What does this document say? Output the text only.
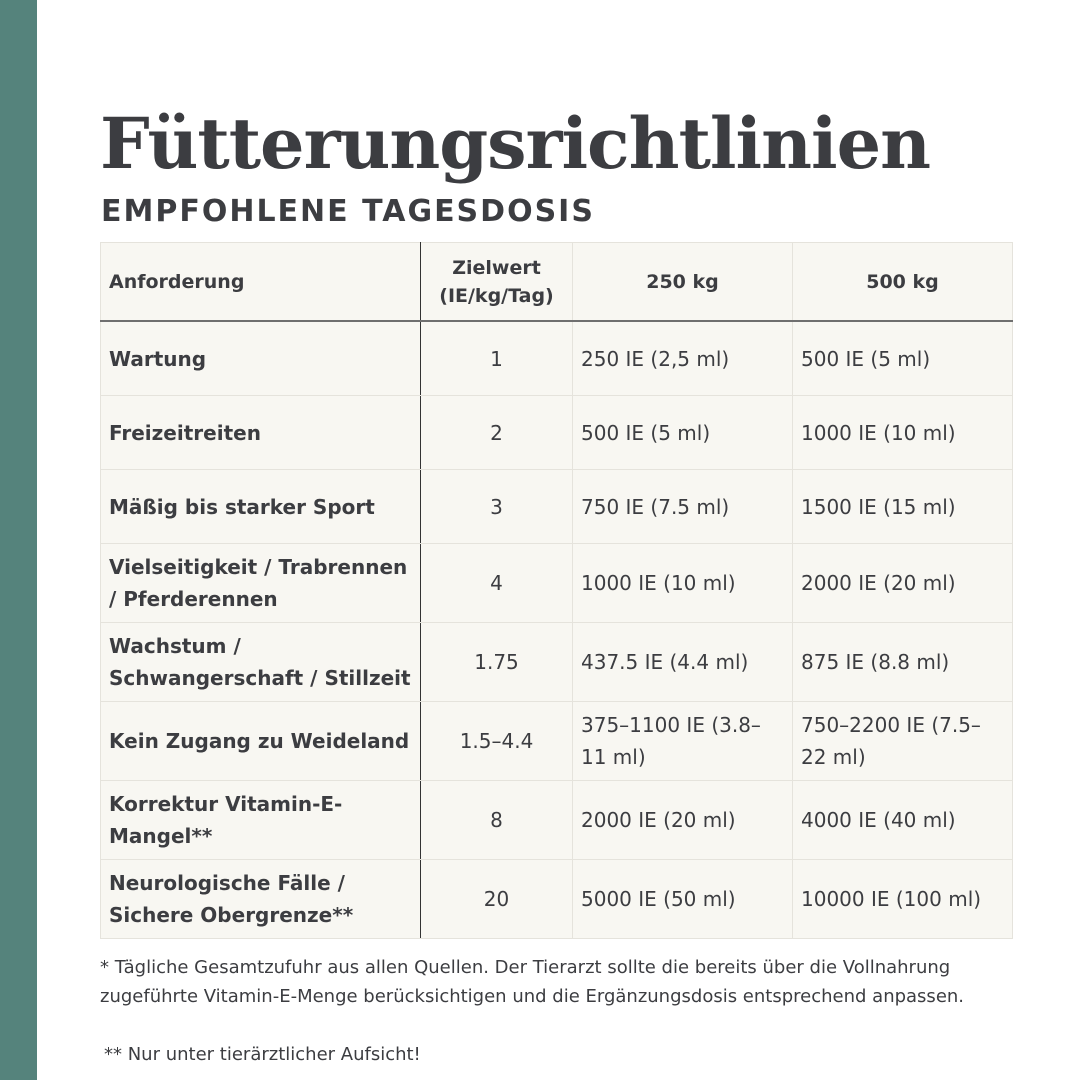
Fütterungsrichtlinien
EMPFOHLENE TAGESDOSIS
Anforderung	Zielwert (IE/kg/Tag)	250 kg	500 kg
Wartung	1	250 IE (2,5 ml)	500 IE (5 ml)
Freizeitreiten	2	500 IE (5 ml)	1000 IE (10 ml)
Mäßig bis starker Sport	3	750 IE (7.5 ml)	1500 IE (15 ml)
Vielseitigkeit / Trabrennen / Pferderennen	4	1000 IE (10 ml)	2000 IE (20 ml)
Wachstum / Schwangerschaft / Stillzeit	1.75	437.5 IE (4.4 ml)	875 IE (8.8 ml)
Kein Zugang zu Weideland	1.5–4.4	375–1100 IE (3.8–11 ml)	750–2200 IE (7.5–22 ml)
Korrektur Vitamin-E-Mangel**	8	2000 IE (20 ml)	4000 IE (40 ml)
Neurologische Fälle / Sichere Obergrenze**	20	5000 IE (50 ml)	10000 IE (100 ml)

* Tägliche Gesamtzufuhr aus allen Quellen. Der Tierarzt sollte die bereits über die Vollnahrung zugeführte Vitamin-E-Menge berücksichtigen und die Ergänzungsdosis entsprechend anpassen.

** Nur unter tierärztlicher Aufsicht!
